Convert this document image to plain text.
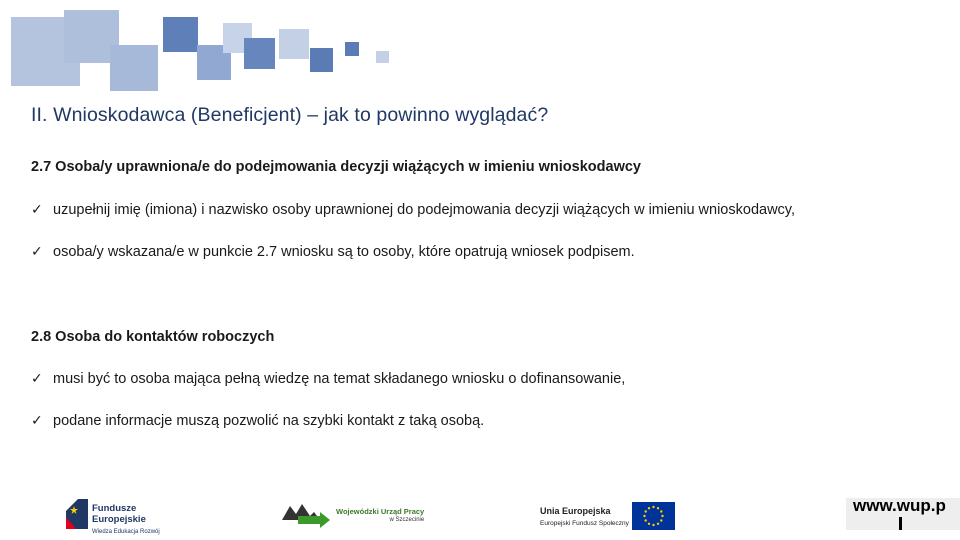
II. Wnioskodawca (Beneficjent) – jak to powinno wyglądać?
2.7 Osoba/y uprawniona/e do podejmowania decyzji wiążących w imieniu wnioskodawcy
✓ uzupełnij imię (imiona) i nazwisko osoby uprawnionej do podejmowania decyzji wiążących w imieniu wnioskodawcy,
✓ osoba/y wskazana/e w punkcie 2.7 wniosku są to osoby, które opatrują wniosek podpisem.
2.8 Osoba do kontaktów roboczych
✓ musi być to osoba mająca pełną wiedzę na temat składanego wniosku o dofinansowanie,
✓ podane informacje muszą pozwolić na szybki kontakt z taką osobą.
Fundusze
Europejskie
Wiedza Edukacja Rozwój
Wojewódzki Urząd Pracy
w Szczecinie
Unia Europejska
Europejski Fundusz Społeczny
www.wup.p
